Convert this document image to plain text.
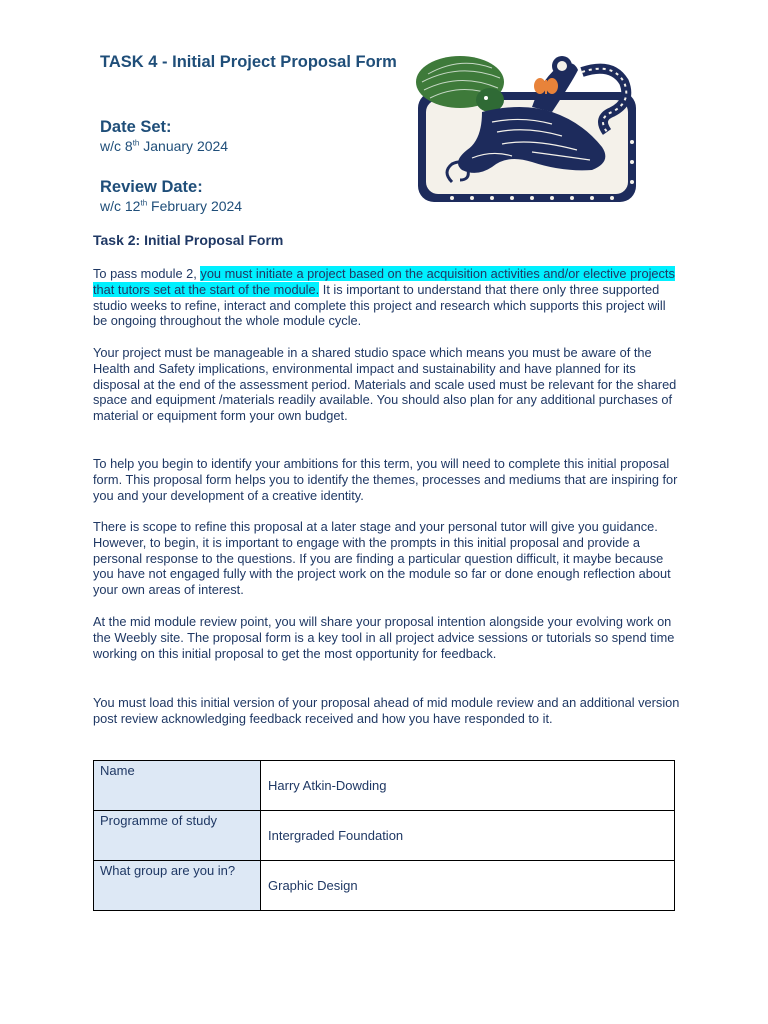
TASK 4 - Initial Project Proposal Form
Date Set:
w/c 8th January 2024
Review Date:
w/c 12th February 2024
Task 2: Initial Proposal Form
To pass module 2, you must initiate a project based on the acquisition activities and/or elective projects that tutors set at the start of the module. It is important to understand that there only three supported studio weeks to refine, interact and complete this project and research which supports this project will be ongoing throughout the whole module cycle.
Your project must be manageable in a shared studio space which means you must be aware of the Health and Safety implications, environmental impact and sustainability and have planned for its disposal at the end of the assessment period. Materials and scale used must be relevant for the shared space and equipment /materials readily available. You should also plan for any additional purchases of material or equipment form your own budget.
To help you begin to identify your ambitions for this term, you will need to complete this initial proposal form. This proposal form helps you to identify the themes, processes and mediums that are inspiring for you and your development of a creative identity.
There is scope to refine this proposal at a later stage and your personal tutor will give you guidance. However, to begin, it is important to engage with the prompts in this initial proposal and provide a personal response to the questions. If you are finding a particular question difficult, it maybe because you have not engaged fully with the project work on the module so far or done enough reflection about your own areas of interest.
At the mid module review point, you will share your proposal intention alongside your evolving work on the Weebly site. The proposal form is a key tool in all project advice sessions or tutorials so spend time working on this initial proposal to get the most opportunity for feedback.
You must load this initial version of your proposal ahead of mid module review and an additional version post review acknowledging feedback received and how you have responded to it.
Name	Harry Atkin-Dowding
Programme of study	Intergraded Foundation
What group are you in?	Graphic Design
